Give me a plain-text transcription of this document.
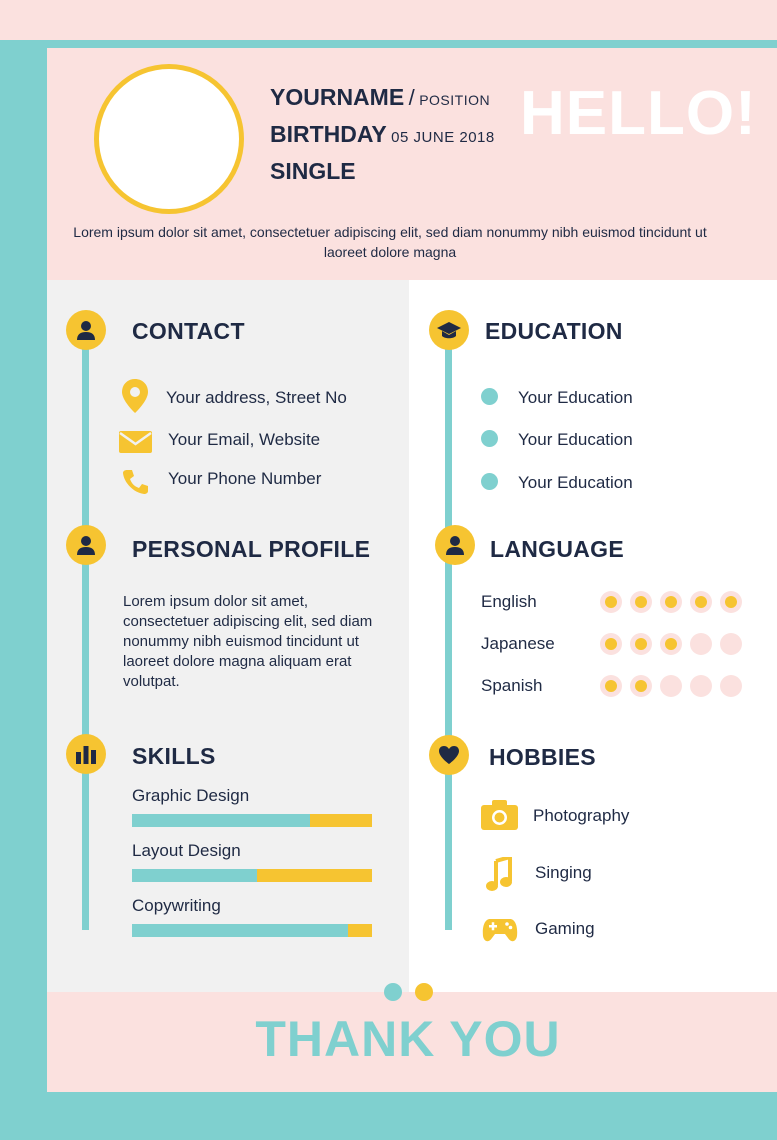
YOURNAME / POSITION
BIRTHDAY 05 JUNE 2018
SINGLE
HELLO!
Lorem ipsum dolor sit amet, consectetuer adipiscing elit, sed diam nonummy nibh euismod tincidunt ut laoreet dolore magna
CONTACT
Your address, Street No
Your Email, Website
Your Phone Number
PERSONAL PROFILE
Lorem ipsum dolor sit amet, consectetuer adipiscing elit, sed diam nonummy nibh euismod tincidunt ut laoreet dolore magna aliquam erat volutpat.
SKILLS
Graphic Design
Layout Design
Copywriting
EDUCATION
Your Education
Your Education
Your Education
LANGUAGE
English
Japanese
Spanish
HOBBIES
Photography
Singing
Gaming
THANK YOU
